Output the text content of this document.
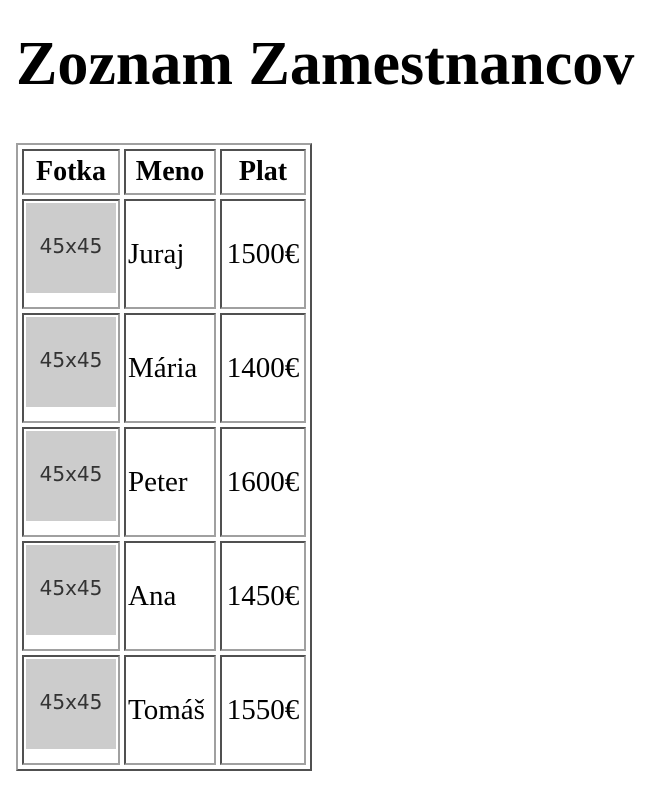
Zoznam Zamestnancov
Fotka	Meno	Plat

45x45	Juraj	1500€

45x45	Mária	1400€

45x45	Peter	1600€

45x45	Ana	1450€

45x45	Tomáš	1550€
